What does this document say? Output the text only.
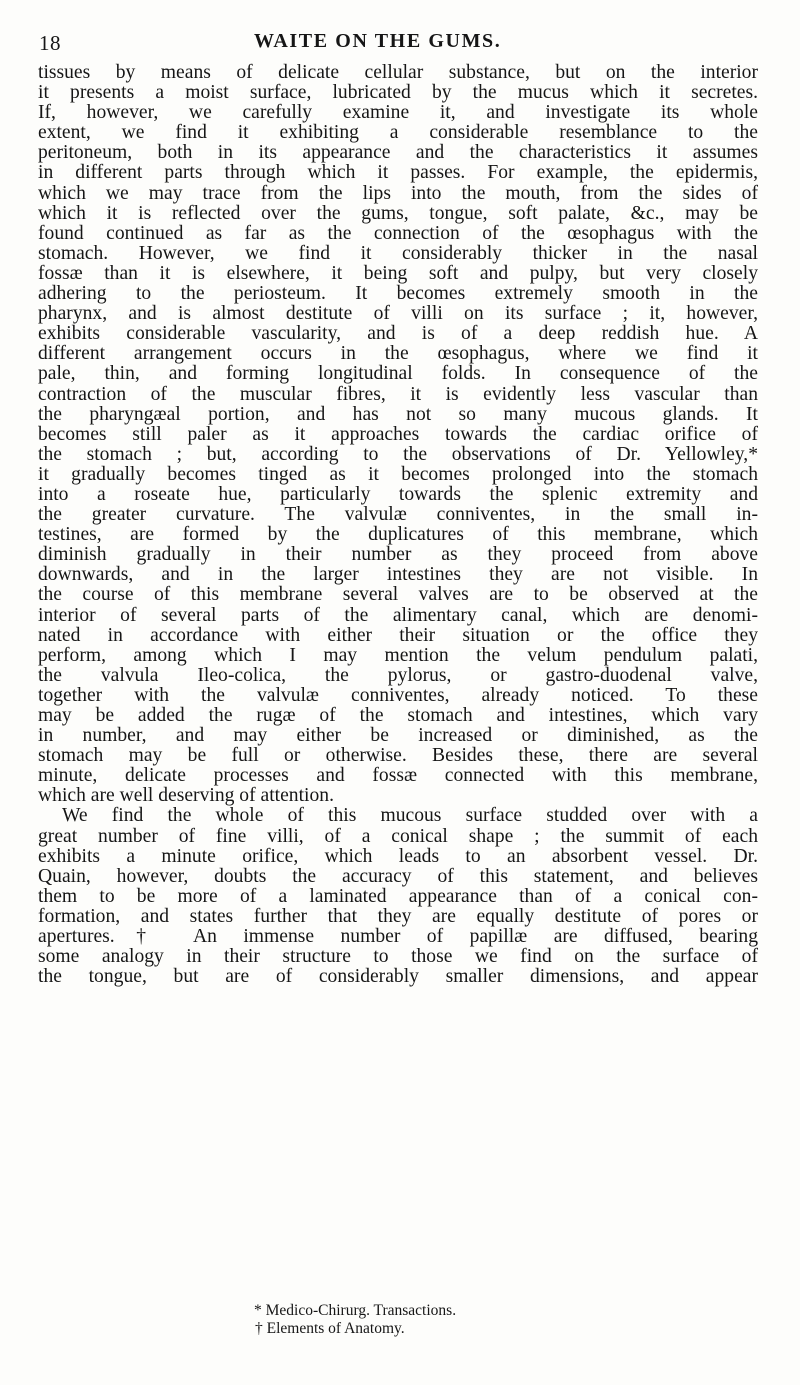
18	WAITE ON THE GUMS.
tissues by means of delicate cellular substance, but on the interior
it presents a moist surface, lubricated by the mucus which it secretes.
If, however, we carefully examine it, and investigate its whole
extent, we find it exhibiting a considerable resemblance to the
peritoneum, both in its appearance and the characteristics it assumes
in different parts through which it passes. For example, the epidermis,
which we may trace from the lips into the mouth, from the sides of
which it is reflected over the gums, tongue, soft palate, &c., may be
found continued as far as the connection of the œsophagus with the
stomach. However, we find it considerably thicker in the nasal
fossæ than it is elsewhere, it being soft and pulpy, but very closely
adhering to the periosteum. It becomes extremely smooth in the
pharynx, and is almost destitute of villi on its surface ; it, however,
exhibits considerable vascularity, and is of a deep reddish hue. A
different arrangement occurs in the œsophagus, where we find it
pale, thin, and forming longitudinal folds. In consequence of the
contraction of the muscular fibres, it is evidently less vascular than
the pharyngæal portion, and has not so many mucous glands. It
becomes still paler as it approaches towards the cardiac orifice of
the stomach ; but, according to the observations of Dr. Yellowley,*
it gradually becomes tinged as it becomes prolonged into the stomach
into a roseate hue, particularly towards the splenic extremity and
the greater curvature. The valvulæ conniventes, in the small in-
testines, are formed by the duplicatures of this membrane, which
diminish gradually in their number as they proceed from above
downwards, and in the larger intestines they are not visible. In
the course of this membrane several valves are to be observed at the
interior of several parts of the alimentary canal, which are denomi-
nated in accordance with either their situation or the office they
perform, among which I may mention the velum pendulum palati,
the valvula Ileo-colica, the pylorus, or gastro-duodenal valve,
together with the valvulæ conniventes, already noticed. To these
may be added the rugæ of the stomach and intestines, which vary
in number, and may either be increased or diminished, as the
stomach may be full or otherwise. Besides these, there are several
minute, delicate processes and fossæ connected with this membrane,
which are well deserving of attention.
We find the whole of this mucous surface studded over with a
great number of fine villi, of a conical shape ; the summit of each
exhibits a minute orifice, which leads to an absorbent vessel. Dr.
Quain, however, doubts the accuracy of this statement, and believes
them to be more of a laminated appearance than of a conical con-
formation, and states further that they are equally destitute of pores or
apertures.† An immense number of papillæ are diffused, bearing
some analogy in their structure to those we find on the surface of
the tongue, but are of considerably smaller dimensions, and appear
* Medico-Chirurg. Transactions.
† Elements of Anatomy.
